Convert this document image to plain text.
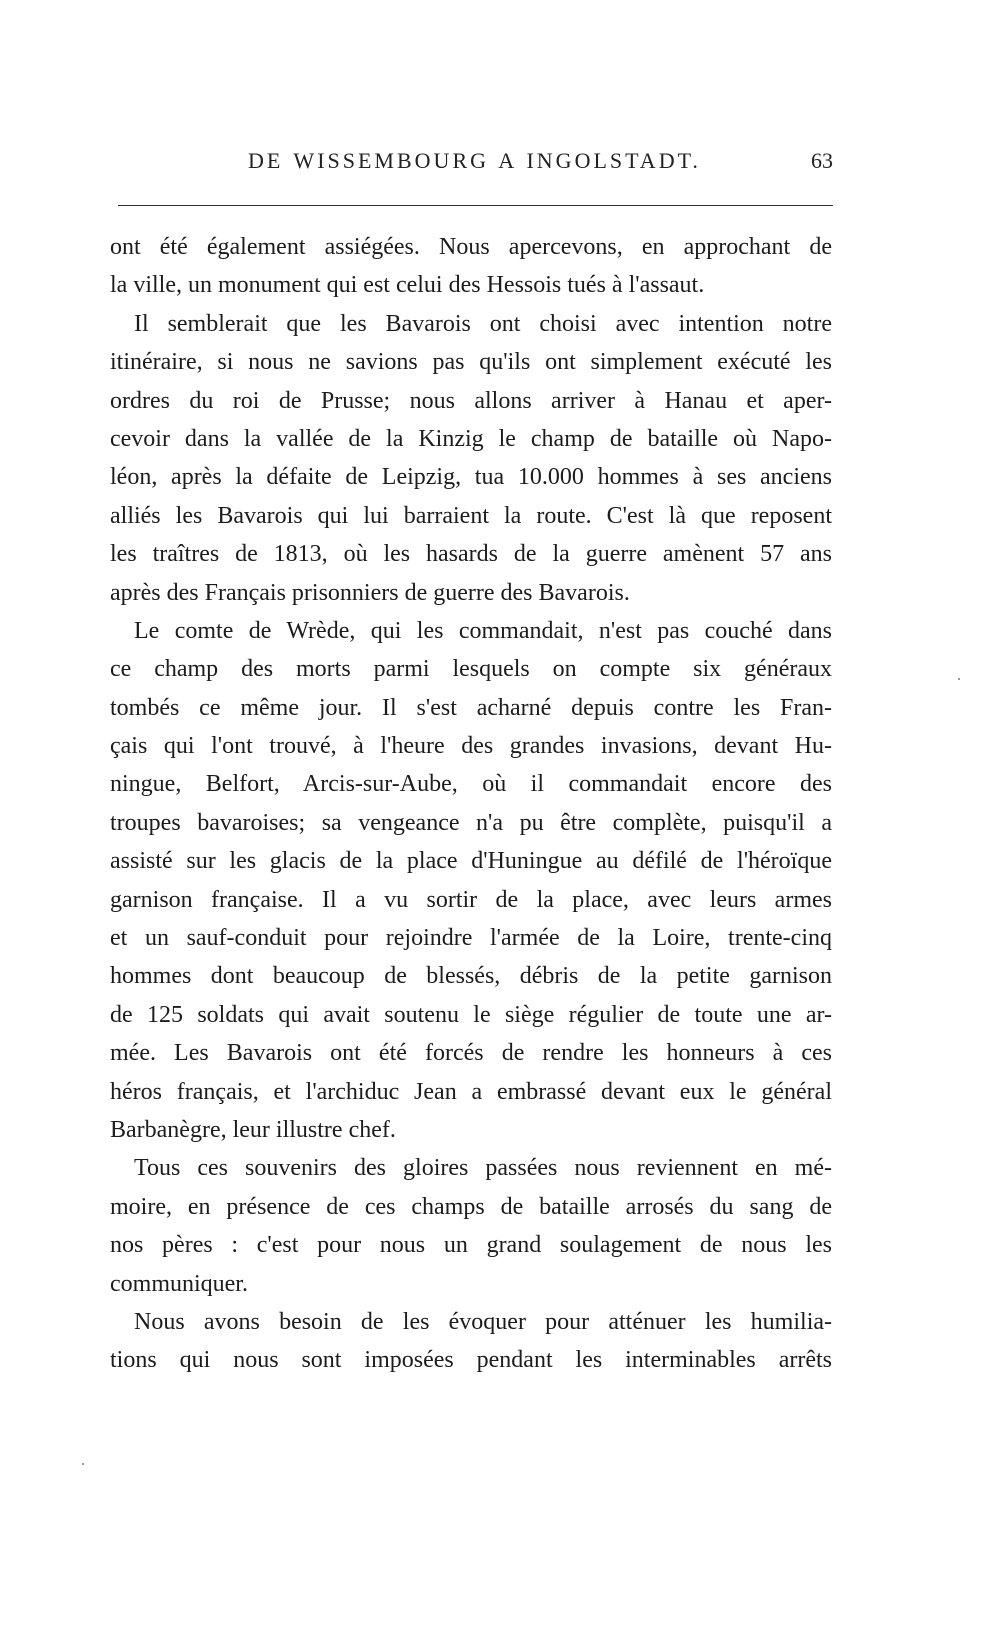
DE WISSEMBOURG A INGOLSTADT.	63
ont été également assiégées. Nous apercevons, en approchant de
la ville, un monument qui est celui des Hessois tués à l'assaut.
Il semblerait que les Bavarois ont choisi avec intention notre
itinéraire, si nous ne savions pas qu'ils ont simplement exécuté les
ordres du roi de Prusse; nous allons arriver à Hanau et aper-
cevoir dans la vallée de la Kinzig le champ de bataille où Napo-
léon, après la défaite de Leipzig, tua 10.000 hommes à ses anciens
alliés les Bavarois qui lui barraient la route. C'est là que reposent
les traîtres de 1813, où les hasards de la guerre amènent 57 ans
après des Français prisonniers de guerre des Bavarois.
Le comte de Wrède, qui les commandait, n'est pas couché dans
ce champ des morts parmi lesquels on compte six généraux
tombés ce même jour. Il s'est acharné depuis contre les Fran-
çais qui l'ont trouvé, à l'heure des grandes invasions, devant Hu-
ningue, Belfort, Arcis-sur-Aube, où il commandait encore des
troupes bavaroises; sa vengeance n'a pu être complète, puisqu'il a
assisté sur les glacis de la place d'Huningue au défilé de l'héroïque
garnison française. Il a vu sortir de la place, avec leurs armes
et un sauf-conduit pour rejoindre l'armée de la Loire, trente-cinq
hommes dont beaucoup de blessés, débris de la petite garnison
de 125 soldats qui avait soutenu le siège régulier de toute une ar-
mée. Les Bavarois ont été forcés de rendre les honneurs à ces
héros français, et l'archiduc Jean a embrassé devant eux le général
Barbanègre, leur illustre chef.
Tous ces souvenirs des gloires passées nous reviennent en mé-
moire, en présence de ces champs de bataille arrosés du sang de
nos pères : c'est pour nous un grand soulagement de nous les
communiquer.
Nous avons besoin de les évoquer pour atténuer les humilia-
tions qui nous sont imposées pendant les interminables arrêts
